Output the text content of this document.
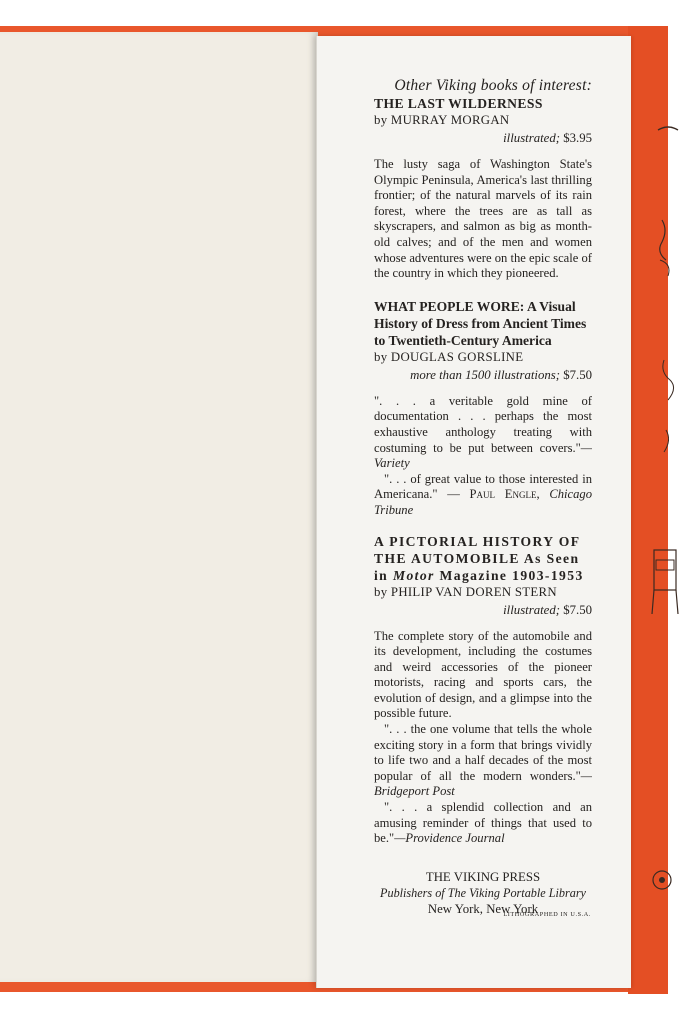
Other Viking books of interest:

THE LAST WILDERNESS

by MURRAY MORGAN

illustrated; $3.95

The lusty saga of Washington State's Olympic Peninsula, America's last thrilling frontier; of the natural marvels of its rain forest, where the trees are as tall as skyscrapers, and salmon as big as month-old calves; and of the men and women whose adventures were on the epic scale of the country in which they pioneered.

WHAT PEOPLE WORE: A Visual History of Dress from Ancient Times to Twentieth-Century America

by DOUGLAS GORSLINE

more than 1500 illustrations; $7.50

". . . a veritable gold mine of documentation . . . perhaps the most exhaustive anthology treating with costuming to be put between covers."—Variety

". . . of great value to those interested in Americana." — Paul Engle, Chicago Tribune

A PICTORIAL HISTORY OF THE AUTOMOBILE As Seen in Motor Magazine 1903-1953

by PHILIP VAN DOREN STERN

illustrated; $7.50

The complete story of the automobile and its development, including the costumes and weird accessories of the pioneer motorists, racing and sports cars, the evolution of design, and a glimpse into the possible future.

". . . the one volume that tells the whole exciting story in a form that brings vividly to life two and a half decades of the most popular of all the modern wonders."—Bridgeport Post

". . . a splendid collection and an amusing reminder of things that used to be."—Providence Journal

THE VIKING PRESS
Publishers of The Viking Portable Library
New York, New York
LITHOGRAPHED IN U.S.A.
